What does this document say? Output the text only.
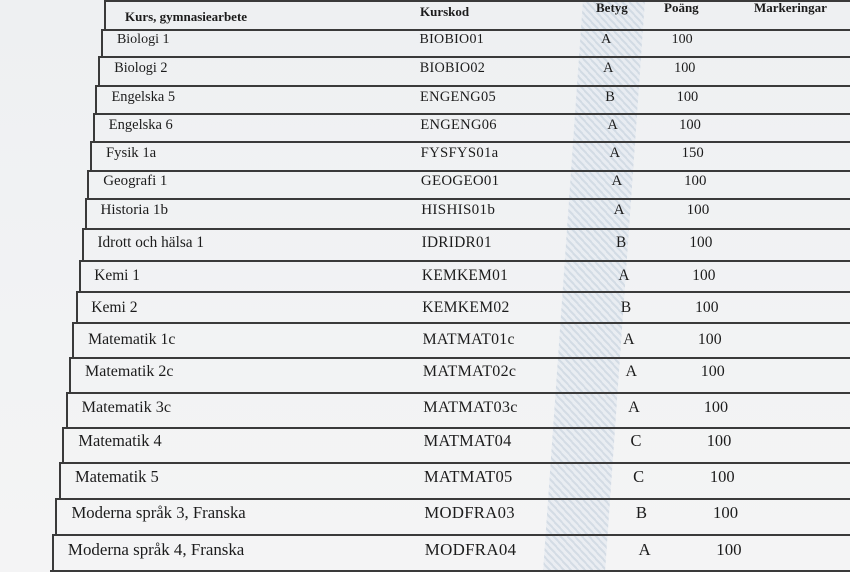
Kurs, gymnasiearbete	Kurskod	Betyg	Poäng	Markeringar
Biologi 1	BIOBIO01	A	100
Biologi 2	BIOBIO02	A	100
Engelska 5	ENGENG05	B	100
Engelska 6	ENGENG06	A	100
Fysik 1a	FYSFYS01a	A	150
Geografi 1	GEOGEO01	A	100
Historia 1b	HISHIS01b	A	100
Idrott och hälsa 1	IDRIDR01	B	100
Kemi 1	KEMKEM01	A	100
Kemi 2	KEMKEM02	B	100
Matematik 1c	MATMAT01c	A	100
Matematik 2c	MATMAT02c	A	100
Matematik 3c	MATMAT03c	A	100
Matematik 4	MATMAT04	C	100
Matematik 5	MATMAT05	C	100
Moderna språk 3, Franska	MODFRA03	B	100
Moderna språk 4, Franska	MODFRA04	A	100
